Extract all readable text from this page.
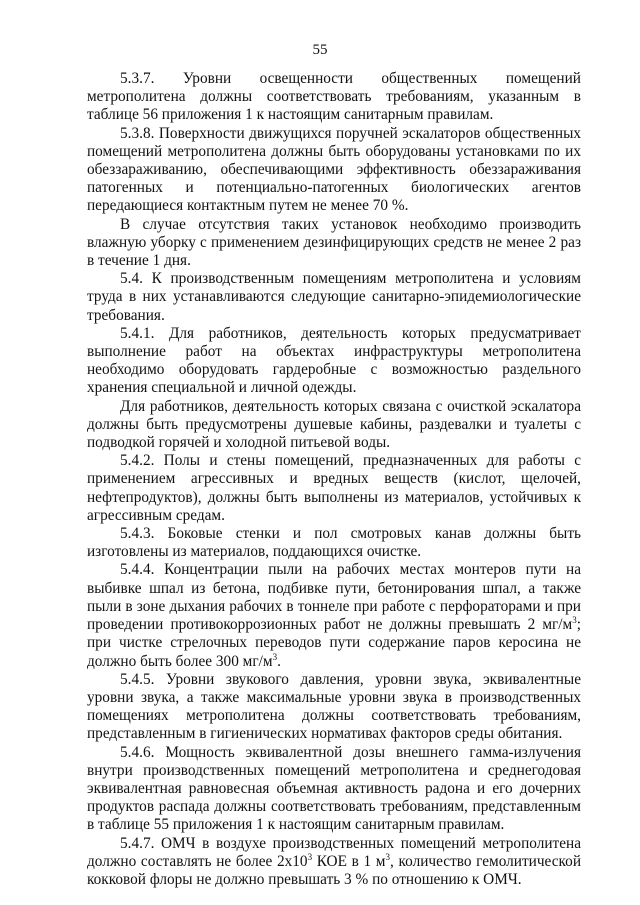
55

5.3.7. Уровни освещенности общественных помещений метрополитена должны соответствовать требованиям, указанным в таблице 56 приложения 1 к настоящим санитарным правилам.

5.3.8. Поверхности движущихся поручней эскалаторов общественных помещений метрополитена должны быть оборудованы установками по их обеззараживанию, обеспечивающими эффективность обеззараживания патогенных и потенциально-патогенных биологических агентов передающиеся контактным путем не менее 70 %.

В случае отсутствия таких установок необходимо производить влажную уборку с применением дезинфицирующих средств не менее 2 раз в течение 1 дня.

5.4. К производственным помещениям метрополитена и условиям труда в них устанавливаются следующие санитарно-эпидемиологические требования.

5.4.1. Для работников, деятельность которых предусматривает выполнение работ на объектах инфраструктуры метрополитена необходимо оборудовать гардеробные с возможностью раздельного хранения специальной и личной одежды.

Для работников, деятельность которых связана с очисткой эскалатора должны быть предусмотрены душевые кабины, раздевалки и туалеты с подводкой горячей и холодной питьевой воды.

5.4.2. Полы и стены помещений, предназначенных для работы с применением агрессивных и вредных веществ (кислот, щелочей, нефтепродуктов), должны быть выполнены из материалов, устойчивых к агрессивным средам.

5.4.3. Боковые стенки и пол смотровых канав должны быть изготовлены из материалов, поддающихся очистке.

5.4.4. Концентрации пыли на рабочих местах монтеров пути на выбивке шпал из бетона, подбивке пути, бетонирования шпал, а также пыли в зоне дыхания рабочих в тоннеле при работе с перфораторами и при проведении противокоррозионных работ не должны превышать 2 $мг/м^3$; при чистке стрелочных переводов пути содержание паров керосина не должно быть более 300 $мг/м^3$.

5.4.5. Уровни звукового давления, уровни звука, эквивалентные уровни звука, а также максимальные уровни звука в производственных помещениях метрополитена должны соответствовать требованиям, представленным в гигиенических нормативах факторов среды обитания.

5.4.6. Мощность эквивалентной дозы внешнего гамма-излучения внутри производственных помещений метрополитена и среднегодовая эквивалентная равновесная объемная активность радона и его дочерних продуктов распада должны соответствовать требованиям, представленным в таблице 55 приложения 1 к настоящим санитарным правилам.

5.4.7. ОМЧ в воздухе производственных помещений метрополитена должно составлять не более $2х10^3$ КОЕ в 1 $м^3$, количество гемолитической кокковой флоры не должно превышать 3 % по отношению к ОМЧ.
